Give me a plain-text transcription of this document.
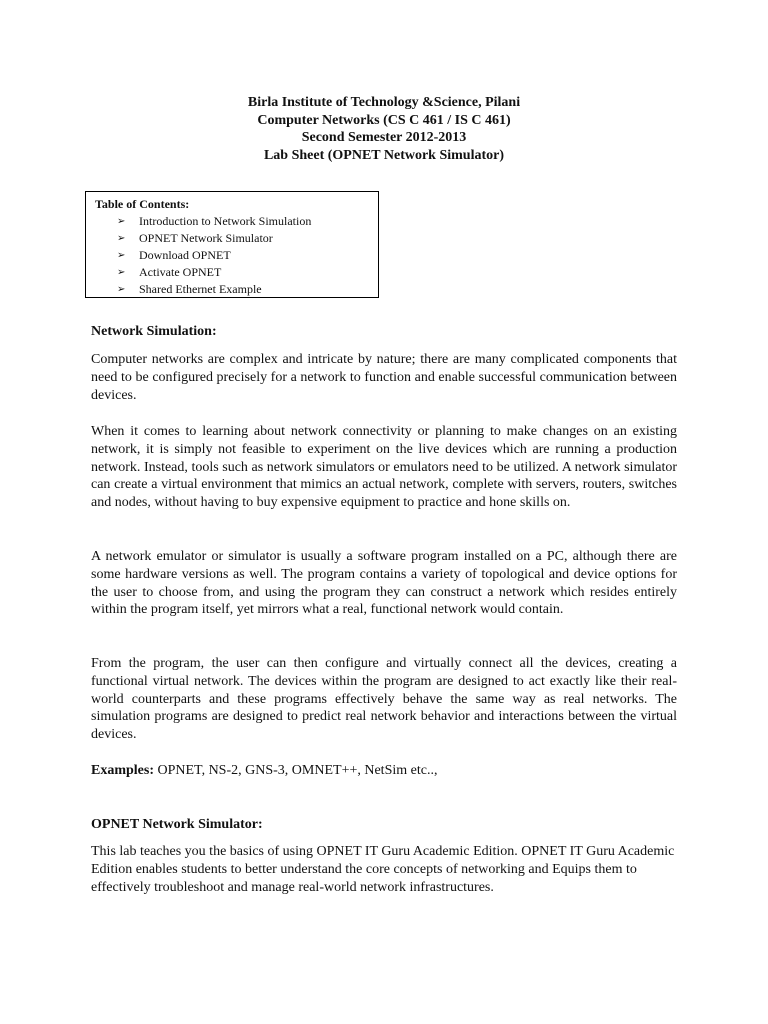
Birla Institute of Technology &Science, Pilani
Computer Networks (CS C 461 / IS C 461)
Second Semester 2012-2013
Lab Sheet (OPNET Network Simulator)
Table of Contents:
➢ Introduction to Network Simulation
➢ OPNET Network Simulator
➢ Download OPNET
➢ Activate OPNET
➢ Shared Ethernet Example
Network Simulation:
Computer networks are complex and intricate by nature; there are many complicated components that need to be configured precisely for a network to function and enable successful communication between devices.
When it comes to learning about network connectivity or planning to make changes on an existing network, it is simply not feasible to experiment on the live devices which are running a production network. Instead, tools such as network simulators or emulators need to be utilized. A network simulator can create a virtual environment that mimics an actual network, complete with servers, routers, switches and nodes, without having to buy expensive equipment to practice and hone skills on.
A network emulator or simulator is usually a software program installed on a PC, although there are some hardware versions as well. The program contains a variety of topological and device options for the user to choose from, and using the program they can construct a network which resides entirely within the program itself, yet mirrors what a real, functional network would contain.
From the program, the user can then configure and virtually connect all the devices, creating a functional virtual network. The devices within the program are designed to act exactly like their real-world counterparts and these programs effectively behave the same way as real networks. The simulation programs are designed to predict real network behavior and interactions between the virtual devices.
Examples: OPNET, NS-2, GNS-3, OMNET++, NetSim etc..,
OPNET Network Simulator:
This lab teaches you the basics of using OPNET IT Guru Academic Edition. OPNET IT Guru Academic Edition enables students to better understand the core concepts of networking and Equips them to effectively troubleshoot and manage real-world network infrastructures.
